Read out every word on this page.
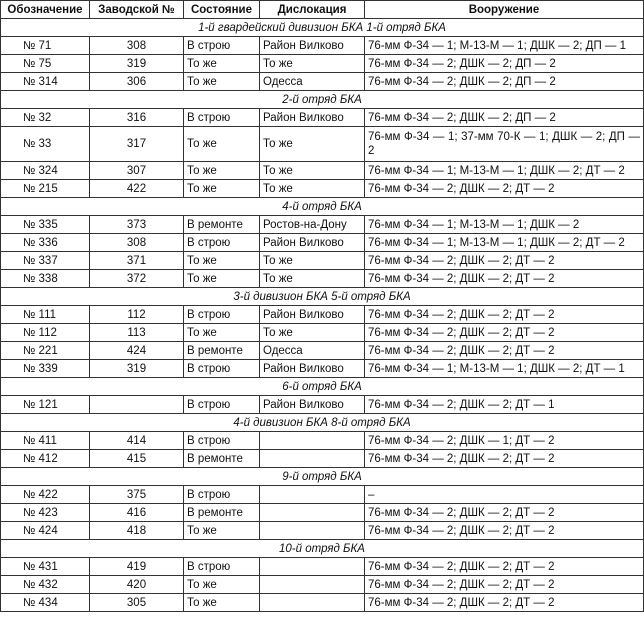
Обозначение	Заводской №	Состояние	Дислокация	Вооружение
1-й гвардейский дивизион БКА 1-й отряд БКА				
№ 71	308	В строю	Район Вилково	76-мм Ф-34 — 1; М-13-М — 1; ДШК — 2; ДП — 1
№ 75	319	То же	То же	76-мм Ф-34 — 2; ДШК — 2; ДП — 2
№ 314	306	То же	Одесса	76-мм Ф-34 — 2; ДШК — 2; ДП — 2
2-й отряд БКА				
№ 32	316	В строю	Район Вилково	76-мм Ф-34 — 2; ДШК — 2; ДП — 2
№ 33	317	То же	То же	76-мм Ф-34 — 1; 37-мм 70-К — 1; ДШК — 2; ДП — 2
№ 324	307	То же	То же	76-мм Ф-34 — 1; М-13-М — 1; ДШК — 2; ДТ — 2
№ 215	422	То же	То же	76-мм Ф-34 — 2; ДШК — 2; ДТ — 2
4-й отряд БКА				
№ 335	373	В ремонте	Ростов-на-Дону	76-мм Ф-34 — 1; М-13-М — 1; ДШК — 2
№ 336	308	В строю	Район Вилково	76-мм Ф-34 — 1; М-13-М — 1; ДШК — 2; ДТ — 2
№ 337	371	То же	То же	76-мм Ф-34 — 2; ДШК — 2; ДТ — 2
№ 338	372	То же	То же	76-мм Ф-34 — 2; ДШК — 2; ДТ — 2
3-й дивизион БКА 5-й отряд БКА				
№ 111	112	В строю	Район Вилково	76-мм Ф-34 — 2; ДШК — 2; ДТ — 2
№ 112	113	То же	То же	76-мм Ф-34 — 2; ДШК — 2; ДТ — 2
№ 221	424	В ремонте	Одесса	76-мм Ф-34 — 2; ДШК — 2; ДТ — 2
№ 339	319	В строю	Район Вилково	76-мм Ф-34 — 1; М-13-М — 1; ДШК — 2; ДТ — 1
6-й отряд БКА				
№ 121		В строю	Район Вилково	76-мм Ф-34 — 2; ДШК — 2; ДТ — 1
4-й дивизион БКА 8-й отряд БКА				
№ 411	414	В строю		76-мм Ф-34 — 2; ДШК — 1; ДТ — 2
№ 412	415	В ремонте		76-мм Ф-34 — 2; ДШК — 2; ДТ — 2
9-й отряд БКА				
№ 422	375	В строю		–
№ 423	416	В ремонте		76-мм Ф-34 — 2; ДШК — 2; ДТ — 2
№ 424	418	То же		76-мм Ф-34 — 2; ДШК — 2; ДТ — 2
10-й отряд БКА				
№ 431	419	В строю		76-мм Ф-34 — 2; ДШК — 2; ДТ — 2
№ 432	420	То же		76-мм Ф-34 — 2; ДШК — 2; ДТ — 2
№ 434	305	То же		76-мм Ф-34 — 2; ДШК — 2; ДТ — 2
